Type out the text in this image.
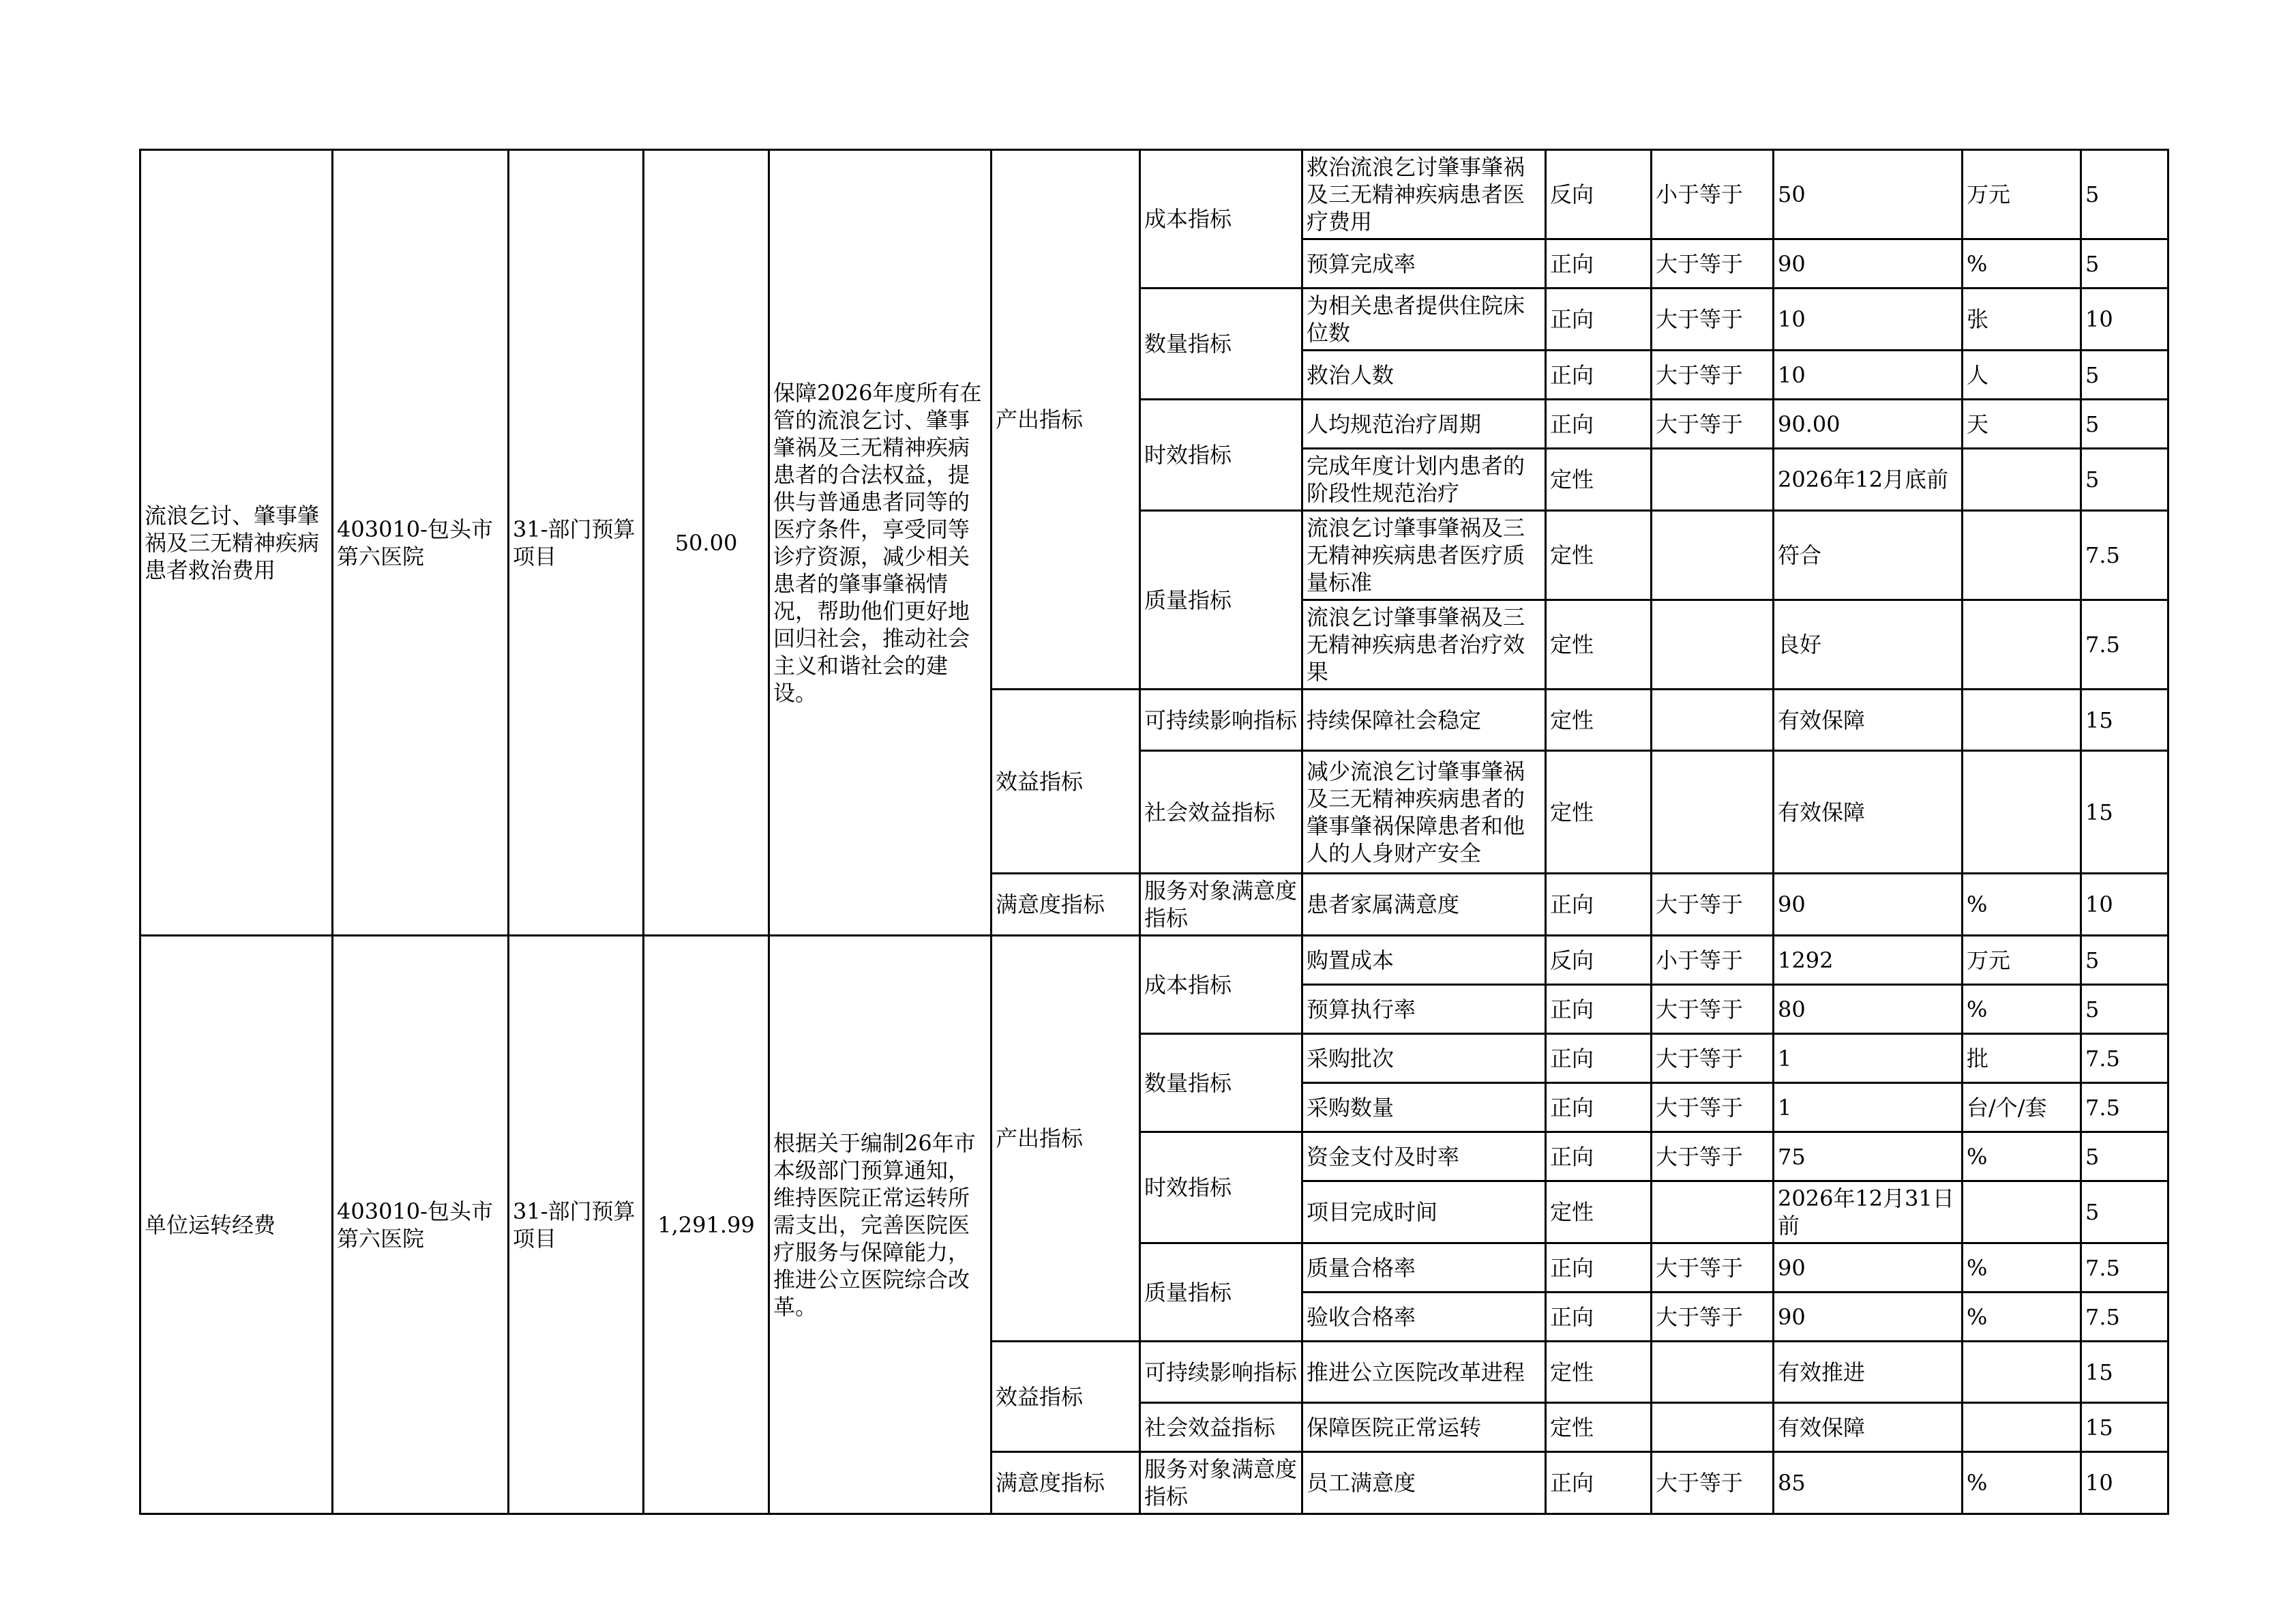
流浪乞讨、肇事肇祸及三无精神疾病患者救治费用	403010-包头市第六医院	31-部门预算项目	50.00	保障2026年度所有在管的流浪乞讨、肇事肇祸及三无精神疾病患者的合法权益，提供与普通患者同等的医疗条件，享受同等诊疗资源，减少相关患者的肇事肇祸情况，帮助他们更好地回归社会，推动社会主义和谐社会的建设。	产出指标	成本指标	救治流浪乞讨肇事肇祸及三无精神疾病患者医疗费用	反向	小于等于	50	万元	5
							预算完成率	正向	大于等于	90	%	5
						数量指标	为相关患者提供住院床位数	正向	大于等于	10	张	10
							救治人数	正向	大于等于	10	人	5
						时效指标	人均规范治疗周期	正向	大于等于	90.00	天	5
							完成年度计划内患者的阶段性规范治疗	定性		2026年12月底前		5
						质量指标	流浪乞讨肇事肇祸及三无精神疾病患者医疗质量标准	定性		符合		7.5
							流浪乞讨肇事肇祸及三无精神疾病患者治疗效果	定性		良好		7.5
					效益指标	可持续影响指标	持续保障社会稳定	定性		有效保障		15
						社会效益指标	减少流浪乞讨肇事肇祸及三无精神疾病患者的肇事肇祸保障患者和他人的人身财产安全	定性		有效保障		15
					满意度指标	服务对象满意度指标	患者家属满意度	正向	大于等于	90	%	10
单位运转经费	403010-包头市第六医院	31-部门预算项目	1,291.99	根据关于编制26年市本级部门预算通知，维持医院正常运转所需支出，完善医院医疗服务与保障能力，推进公立医院综合改革。	产出指标	成本指标	购置成本	反向	小于等于	1292	万元	5
							预算执行率	正向	大于等于	80	%	5
						数量指标	采购批次	正向	大于等于	1	批	7.5
							采购数量	正向	大于等于	1	台/个/套	7.5
						时效指标	资金支付及时率	正向	大于等于	75	%	5
							项目完成时间	定性		2026年12月31日前		5
						质量指标	质量合格率	正向	大于等于	90	%	7.5
							验收合格率	正向	大于等于	90	%	7.5
					效益指标	可持续影响指标	推进公立医院改革进程	定性		有效推进		15
						社会效益指标	保障医院正常运转	定性		有效保障		15
					满意度指标	服务对象满意度指标	员工满意度	正向	大于等于	85	%	10
